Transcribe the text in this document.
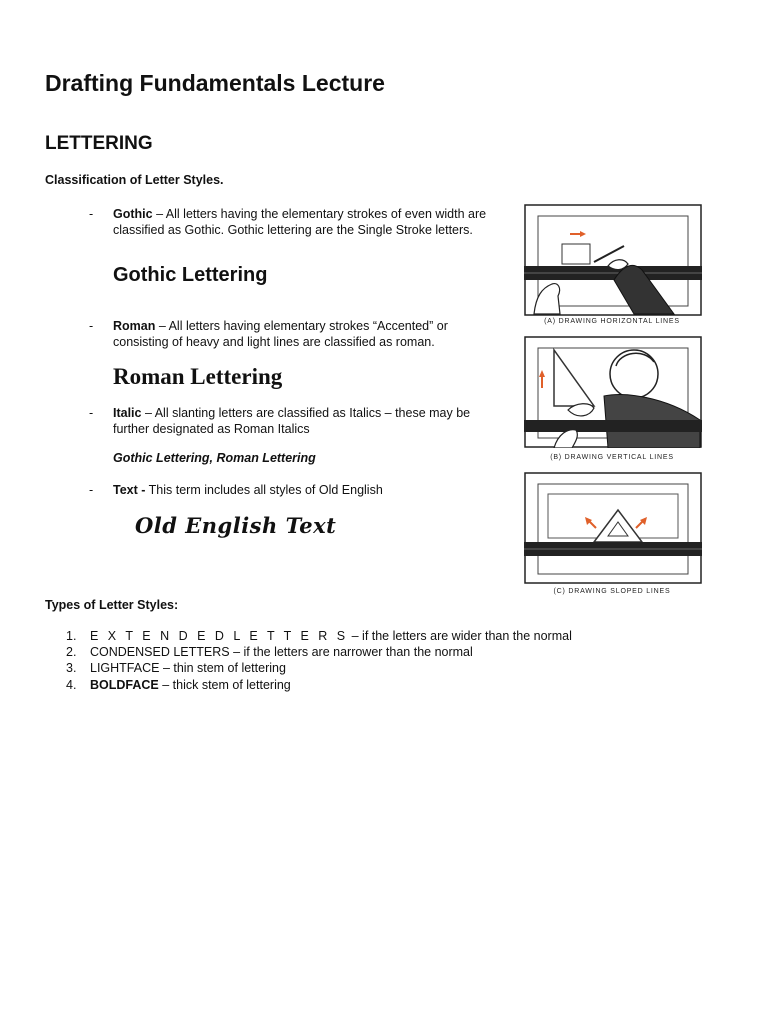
Drafting Fundamentals Lecture
LETTERING
Classification of Letter Styles.
- Gothic – All letters having the elementary strokes of even width are classified as Gothic. Gothic lettering are the Single Stroke letters.
Gothic Lettering
- Roman – All letters having elementary strokes “Accented” or consisting of heavy and light lines are classified as roman.
Roman Lettering
- Italic – All slanting letters are classified as Italics – these may be further designated as Roman Italics
Gothic Lettering, Roman Lettering
- Text - This term includes all styles of Old English
Old English Text
Types of Letter Styles:
1. E X T E N D E D L E T T E R S – if the letters are wider than the normal
2. CONDENSED LETTERS – if the letters are narrower than the normal
3. LIGHTFACE – thin stem of lettering
4. BOLDFACE – thick stem of lettering
(A) DRAWING HORIZONTAL LINES
(B) DRAWING VERTICAL LINES
(C) DRAWING SLOPED LINES
